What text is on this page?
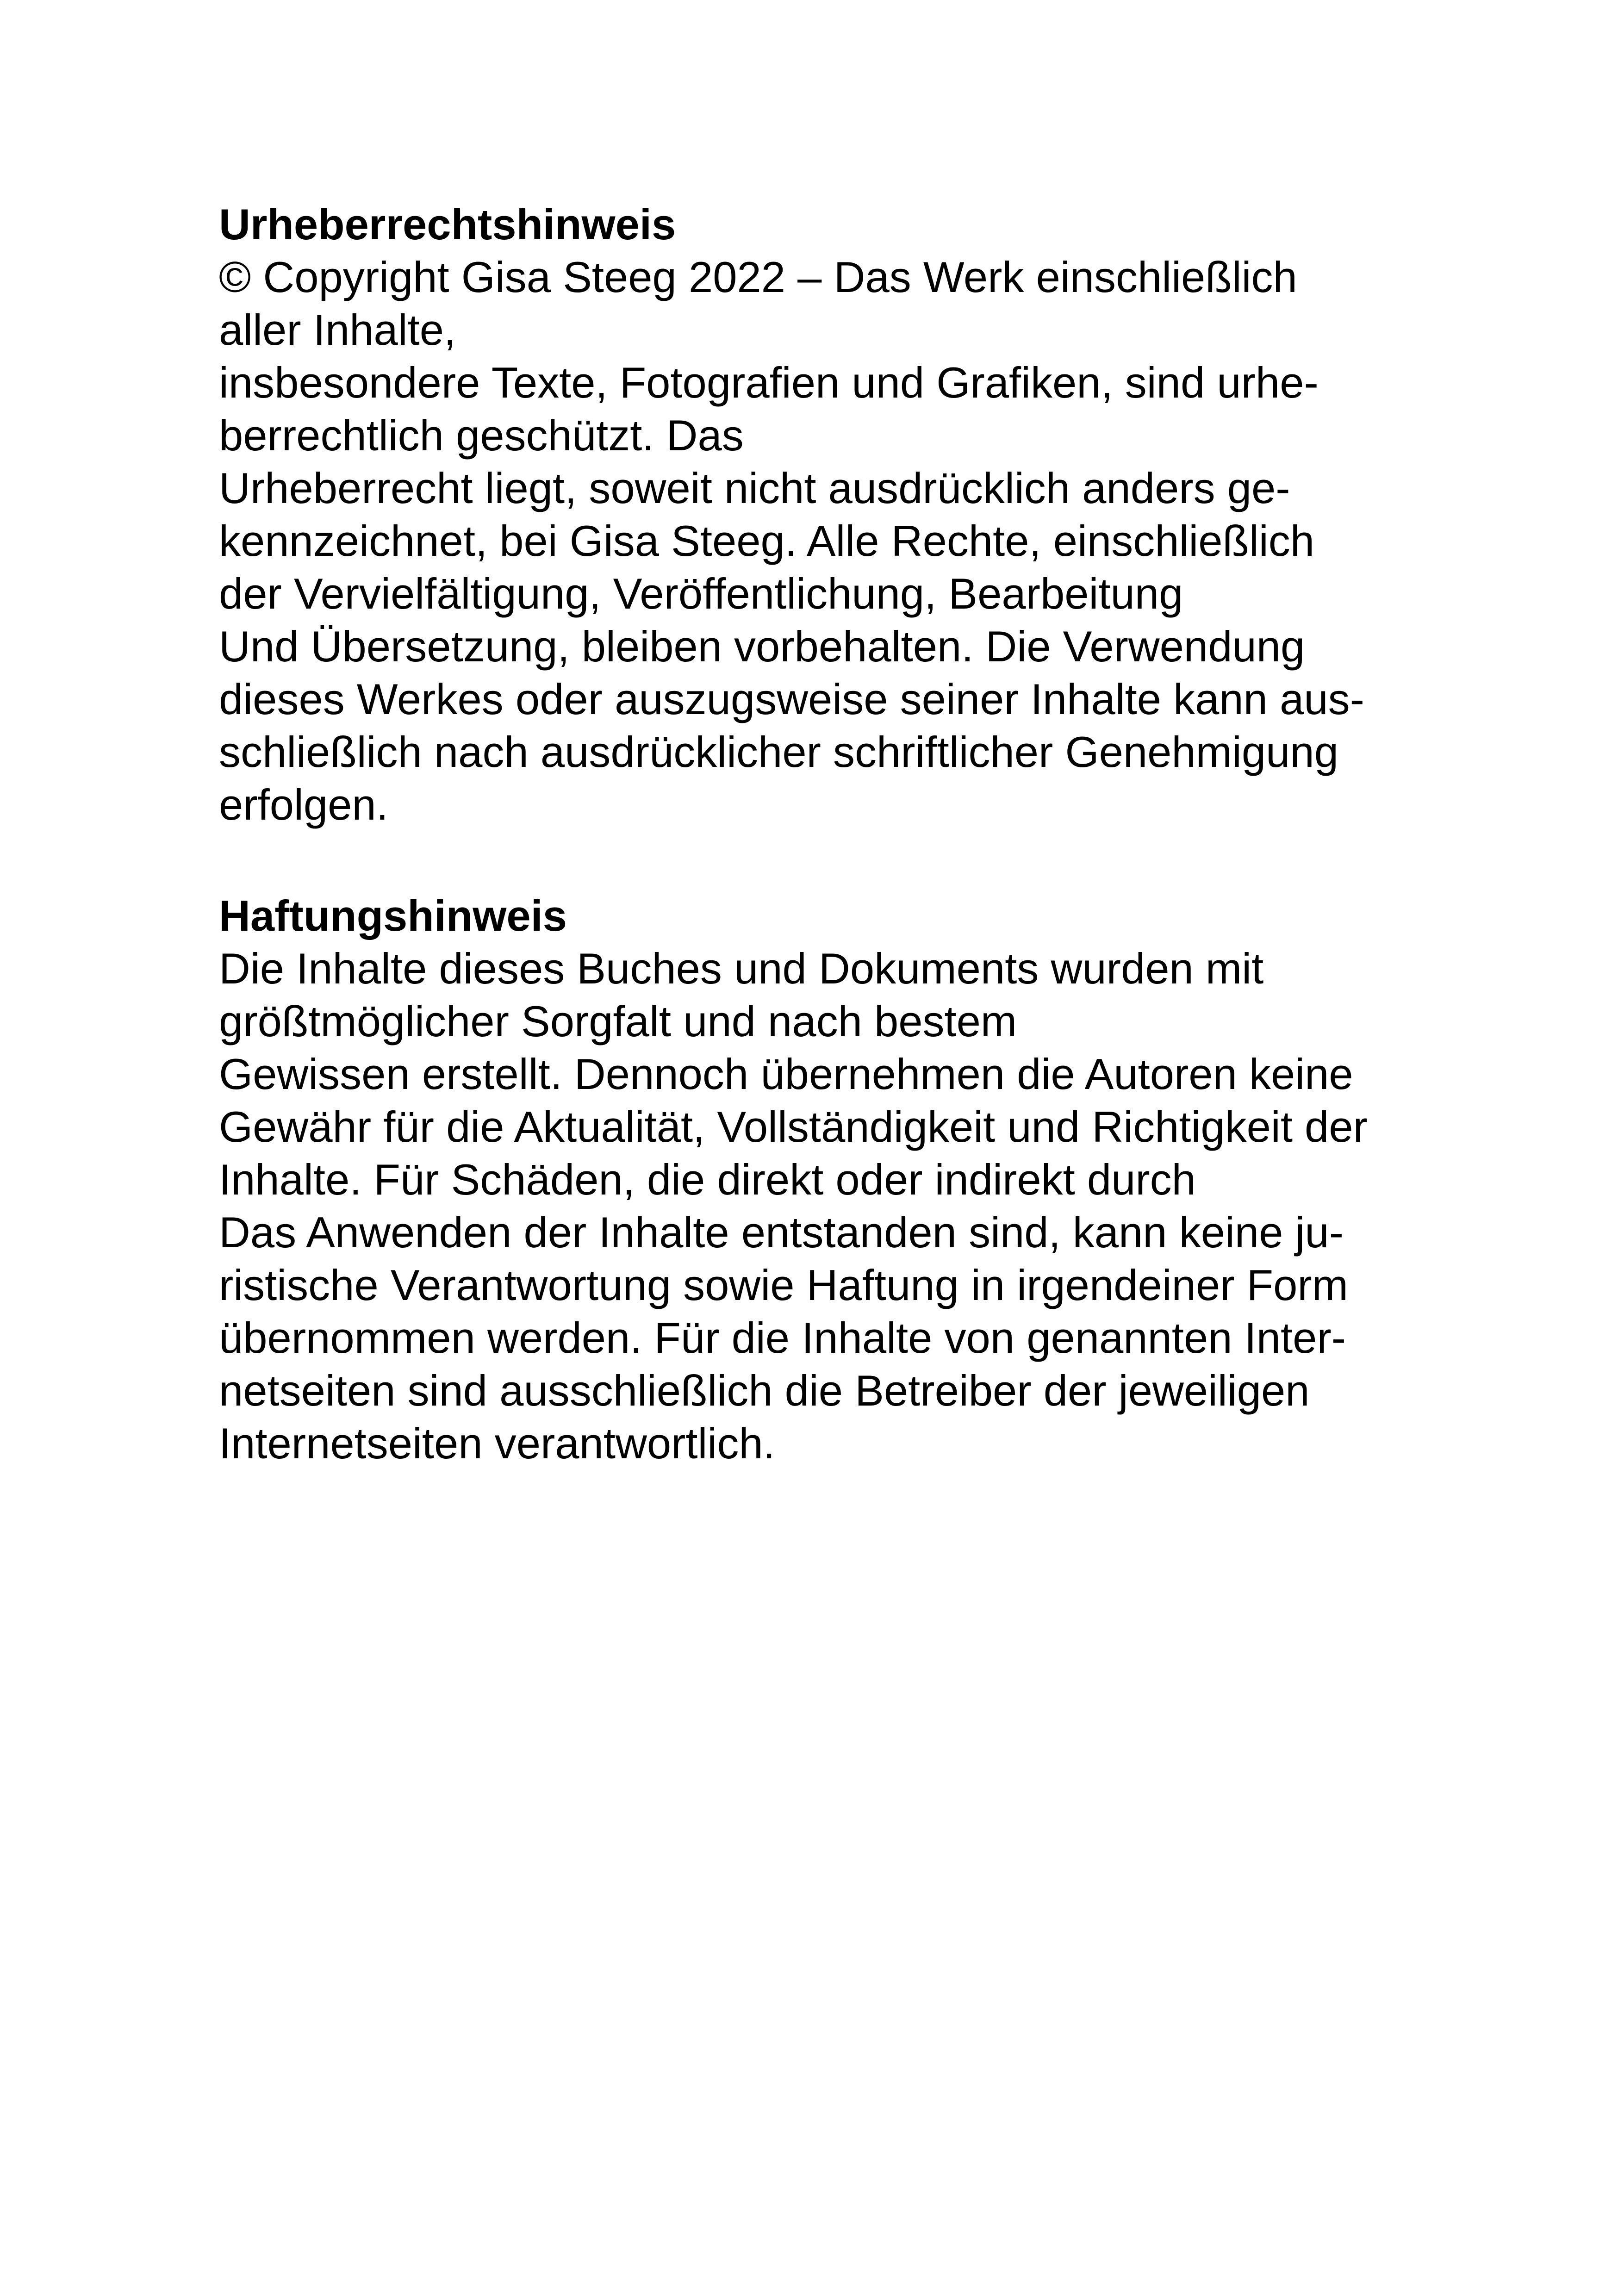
Urheberrechtshinweis
© Copyright Gisa Steeg 2022 – Das Werk einschließlich
aller Inhalte,
insbesondere Texte, Fotografien und Grafiken, sind urhe-
berrechtlich geschützt. Das
Urheberrecht liegt, soweit nicht ausdrücklich anders ge-
kennzeichnet, bei Gisa Steeg. Alle Rechte, einschließlich
der Vervielfältigung, Veröffentlichung, Bearbeitung
Und Übersetzung, bleiben vorbehalten. Die Verwendung
dieses Werkes oder auszugsweise seiner Inhalte kann aus-
schließlich nach ausdrücklicher schriftlicher Genehmigung
erfolgen.
Haftungshinweis
Die Inhalte dieses Buches und Dokuments wurden mit
größtmöglicher Sorgfalt und nach bestem
Gewissen erstellt. Dennoch übernehmen die Autoren keine
Gewähr für die Aktualität, Vollständigkeit und Richtigkeit der
Inhalte. Für Schäden, die direkt oder indirekt durch
Das Anwenden der Inhalte entstanden sind, kann keine ju-
ristische Verantwortung sowie Haftung in irgendeiner Form
übernommen werden. Für die Inhalte von genannten Inter-
netseiten sind ausschließlich die Betreiber der jeweiligen
Internetseiten verantwortlich.
